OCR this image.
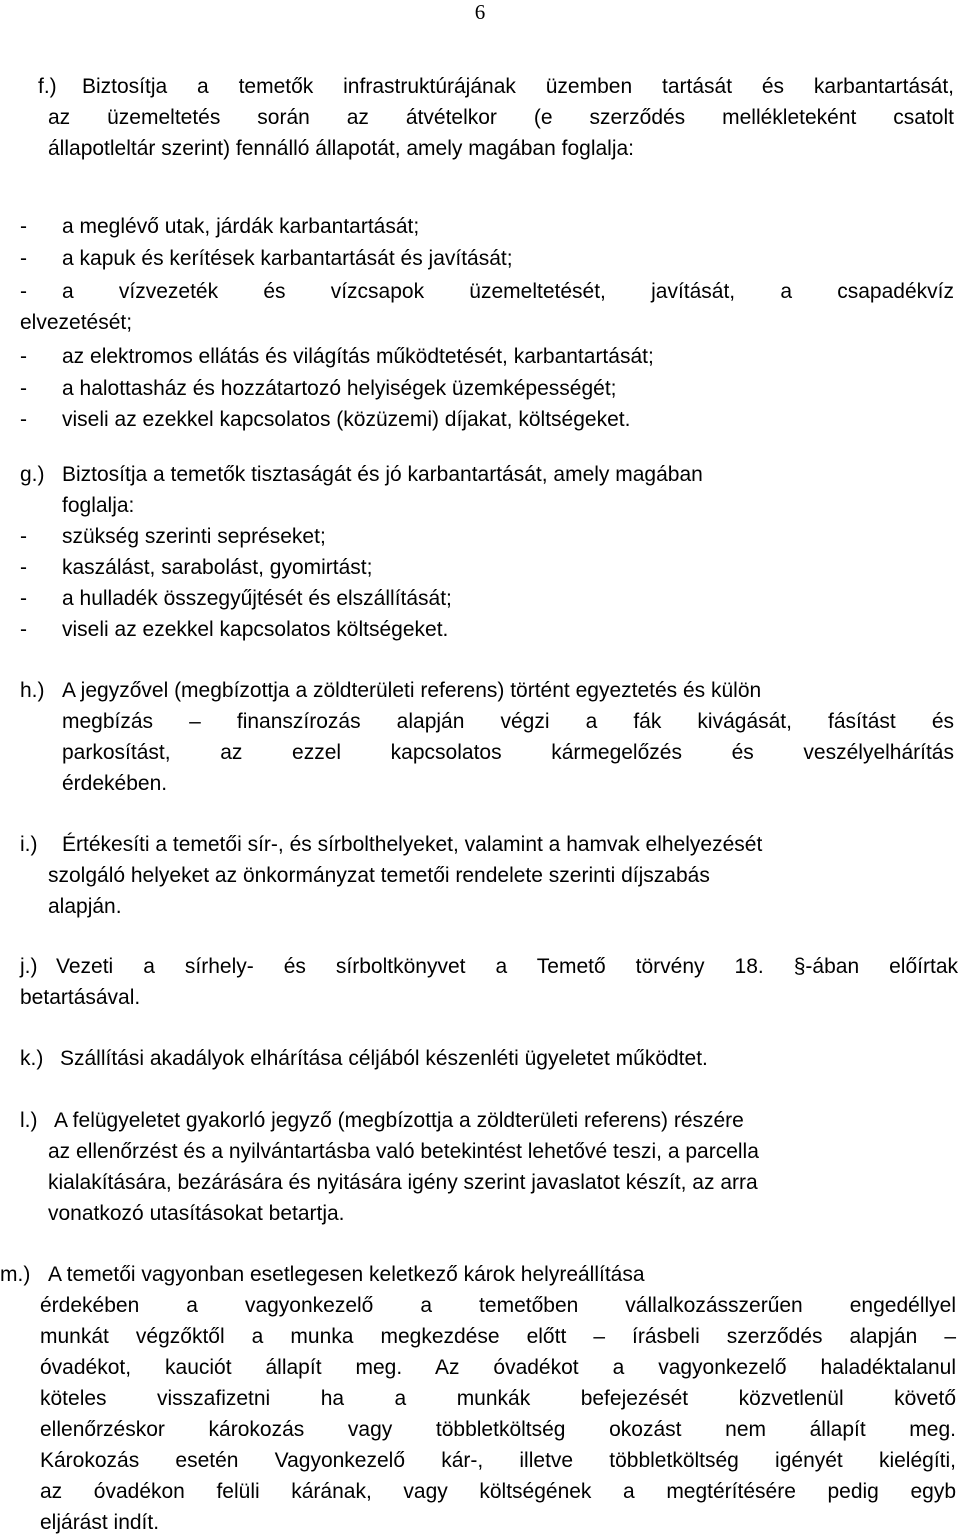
6
f.) Biztosítja a temetők infrastruktúrájának üzemben tartását és karbantartását,
az üzemeltetés során az átvételkor (e szerződés mellékleteként csatolt
állapotleltár szerint) fennálló állapotát, amely magában foglalja:
- a meglévő utak, járdák karbantartását;
- a kapuk és kerítések karbantartását és javítását;
- a vízvezeték és vízcsapok üzemeltetését, javítását, a csapadékvíz
elvezetését;
- az elektromos ellátás és világítás működtetését, karbantartását;
- a halottasház és hozzátartozó helyiségek üzemképességét;
- viseli az ezekkel kapcsolatos (közüzemi) díjakat, költségeket.
g.) Biztosítja a temetők tisztaságát és jó karbantartását, amely magában
foglalja:
- szükség szerinti sepréseket;
- kaszálást, sarabolást, gyomirtást;
- a hulladék összegyűjtését és elszállítását;
- viseli az ezekkel kapcsolatos költségeket.
h.) A jegyzővel (megbízottja a zöldterületi referens) történt egyeztetés és külön
megbízás – finanszírozás alapján végzi a fák kivágását, fásítást és
parkosítást, az ezzel kapcsolatos kármegelőzés és veszélyelhárítás
érdekében.
i.) Értékesíti a temetői sír-, és sírbolthelyeket, valamint a hamvak elhelyezését
szolgáló helyeket az önkormányzat temetői rendelete szerinti díjszabás
alapján.
j.) Vezeti a sírhely- és sírboltkönyvet a Temető törvény 18. §-ában előírtak
betartásával.
k.) Szállítási akadályok elhárítása céljából készenléti ügyeletet működtet.
l.) A felügyeletet gyakorló jegyző (megbízottja a zöldterületi referens) részére
az ellenőrzést és a nyilvántartásba való betekintést lehetővé teszi, a parcella
kialakítására, bezárására és nyitására igény szerint javaslatot készít, az arra
vonatkozó utasításokat betartja.
m.) A temetői vagyonban esetlegesen keletkező károk helyreállítása
érdekében a vagyonkezelő a temetőben vállalkozásszerűen engedéllyel
munkát végzőktől a munka megkezdése előtt – írásbeli szerződés alapján –
óvadékot, kauciót állapít meg. Az óvadékot a vagyonkezelő haladéktalanul
köteles visszafizetni ha a munkák befejezését közvetlenül követő
ellenőrzéskor károkozás vagy többletköltség okozást nem állapít meg.
Károkozás esetén Vagyonkezelő kár-, illetve többletköltség igényét kielégíti,
az óvadékon felüli kárának, vagy költségének a megtérítésére pedig egyb
eljárást indít.
